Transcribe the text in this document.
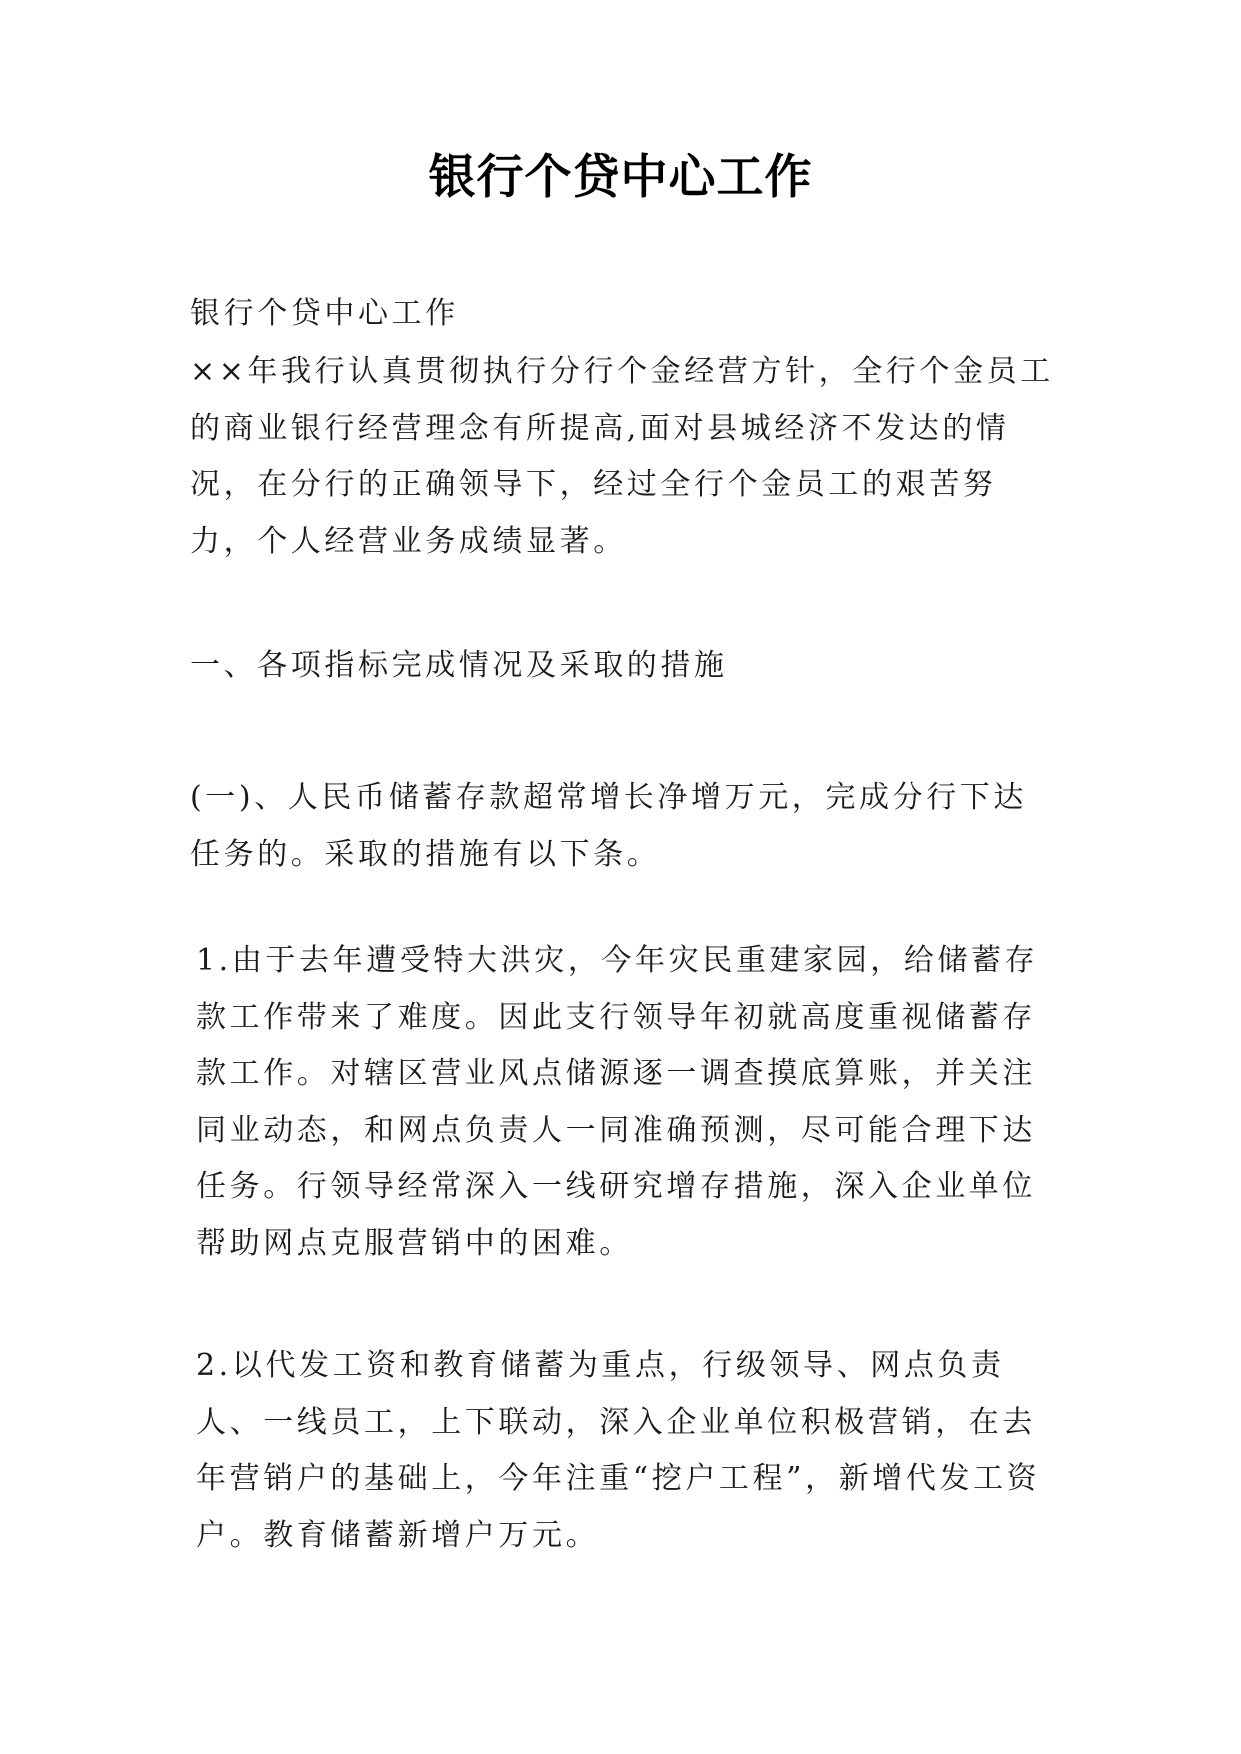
银行个贷中心工作

银行个贷中心工作

××年我行认真贯彻执行分行个金经营方针，全行个金员工的商业银行经营理念有所提高,面对县城经济不发达的情况，在分行的正确领导下，经过全行个金员工的艰苦努力，个人经营业务成绩显著。

一、各项指标完成情况及采取的措施

(一)、人民币储蓄存款超常增长净增万元，完成分行下达任务的。采取的措施有以下条。

1.由于去年遭受特大洪灾，今年灾民重建家园，给储蓄存款工作带来了难度。因此支行领导年初就高度重视储蓄存款工作。对辖区营业风点储源逐一调查摸底算账，并关注同业动态，和网点负责人一同准确预测，尽可能合理下达任务。行领导经常深入一线研究增存措施，深入企业单位帮助网点克服营销中的困难。

2.以代发工资和教育储蓄为重点，行级领导、网点负责人、一线员工，上下联动，深入企业单位积极营销，在去年营销户的基础上，今年注重“挖户工程”，新增代发工资户。教育储蓄新增户万元。
